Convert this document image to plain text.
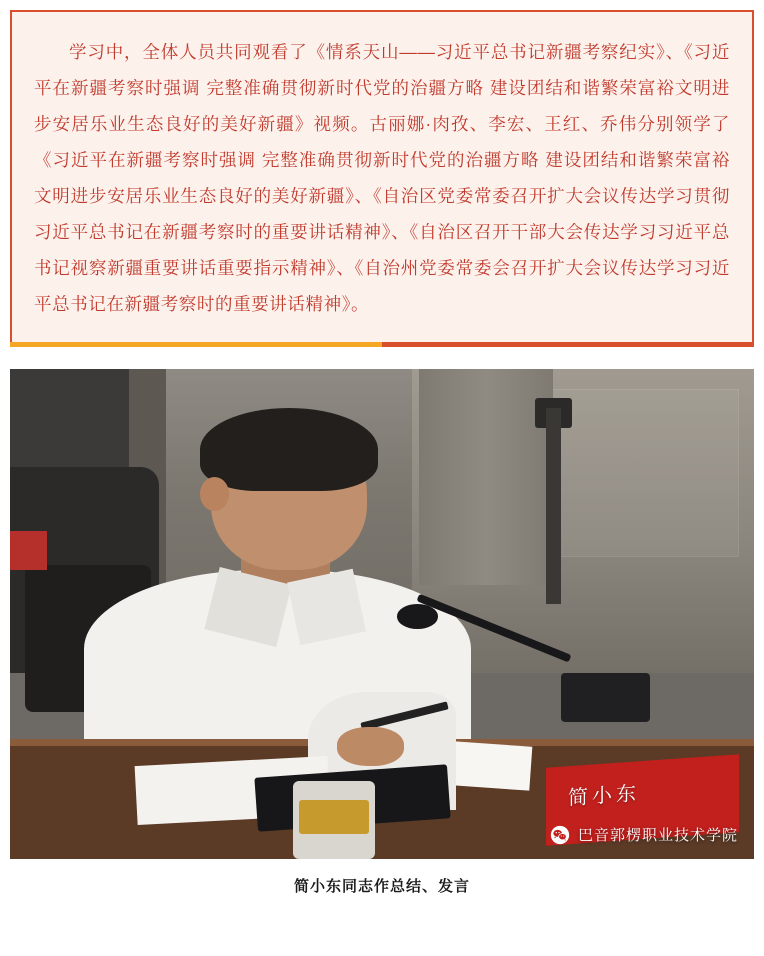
学习中，全体人员共同观看了《情系天山——习近平总书记新疆考察纪实》、《习近平在新疆考察时强调 完整准确贯彻新时代党的治疆方略 建设团结和谐繁荣富裕文明进步安居乐业生态良好的美好新疆》视频。古丽娜·肉孜、李宏、王红、乔伟分别领学了《习近平在新疆考察时强调 完整准确贯彻新时代党的治疆方略 建设团结和谐繁荣富裕文明进步安居乐业生态良好的美好新疆》、《自治区党委常委召开扩大会议传达学习贯彻习近平总书记在新疆考察时的重要讲话精神》、《自治区召开干部大会传达学习习近平总书记视察新疆重要讲话重要指示精神》、《自治州党委常委会召开扩大会议传达学习习近平总书记在新疆考察时的重要讲话精神》。

简小东
巴音郭楞职业技术学院
简小东同志作总结、发言
